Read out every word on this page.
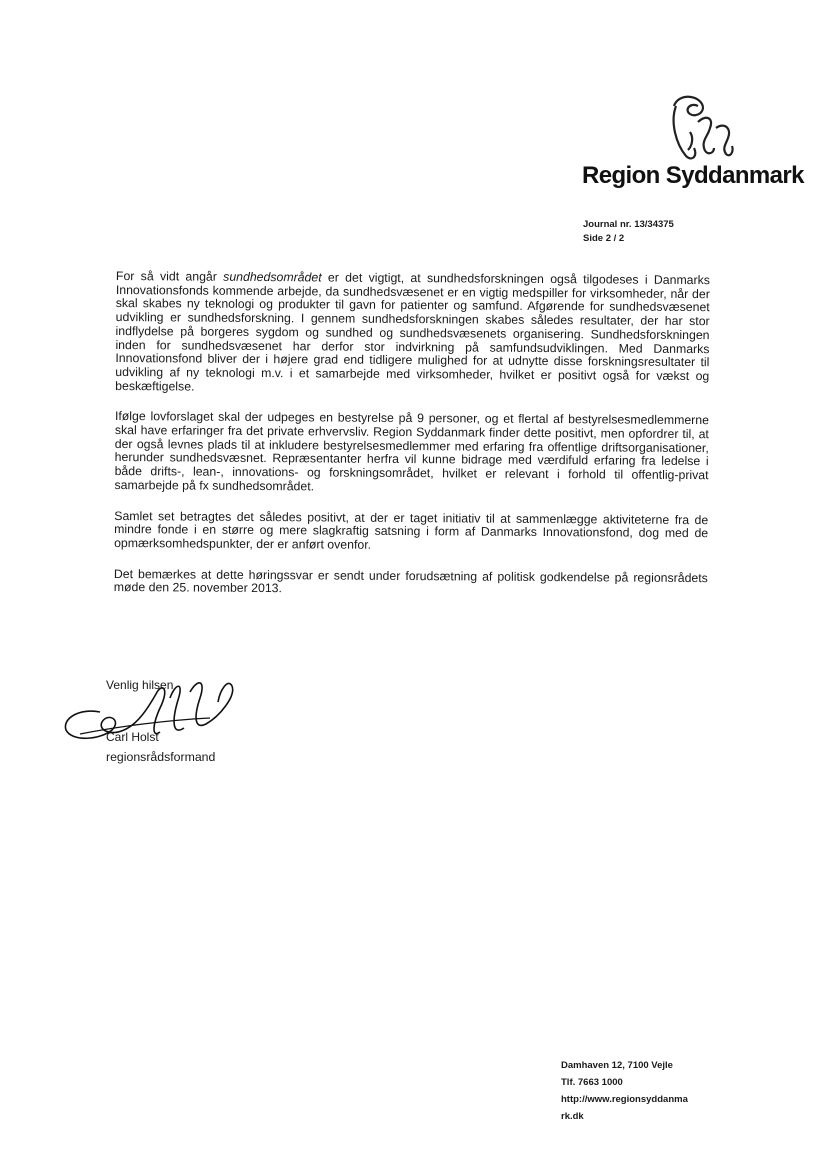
Region Syddanmark
Journal nr. 13/34375
Side 2 / 2

For så vidt angår sundhedsområdet er det vigtigt, at sundhedsforskningen også tilgodeses i Danmarks Innovationsfonds kommende arbejde, da sundhedsvæsenet er en vigtig medspiller for virksomheder, når der skal skabes ny teknologi og produkter til gavn for patienter og samfund. Afgørende for sundhedsvæsenet udvikling er sundhedsforskning. I gennem sundhedsforskningen skabes således resultater, der har stor indflydelse på borgeres sygdom og sundhed og sundhedsvæsenets organisering. Sundhedsforskningen inden for sundhedsvæsenet har derfor stor indvirkning på samfundsudviklingen. Med Danmarks Innovationsfond bliver der i højere grad end tidligere mulighed for at udnytte disse forskningsresultater til udvikling af ny teknologi m.v. i et samarbejde med virksomheder, hvilket er positivt også for vækst og beskæftigelse.

Ifølge lovforslaget skal der udpeges en bestyrelse på 9 personer, og et flertal af bestyrelsesmedlemmerne skal have erfaringer fra det private erhvervsliv. Region Syddanmark finder dette positivt, men opfordrer til, at der også levnes plads til at inkludere bestyrelsesmedlemmer med erfaring fra offentlige driftsorganisationer, herunder sundhedsvæsnet. Repræsentanter herfra vil kunne bidrage med værdifuld erfaring fra ledelse i både drifts-, lean-, innovations- og forskningsområdet, hvilket er relevant i forhold til offentlig-privat samarbejde på fx sundhedsområdet.

Samlet set betragtes det således positivt, at der er taget initiativ til at sammenlægge aktiviteterne fra de mindre fonde i en større og mere slagkraftig satsning i form af Danmarks Innovationsfond, dog med de opmærksomhedspunkter, der er anført ovenfor.

Det bemærkes at dette høringssvar er sendt under forudsætning af politisk godkendelse på regionsrådets møde den 25. november 2013.

Venlig hilsen
Carl Holst
regionsrådsformand
Damhaven 12, 7100 Vejle
Tlf. 7663 1000
http://www.regionsyddanma
rk.dk
